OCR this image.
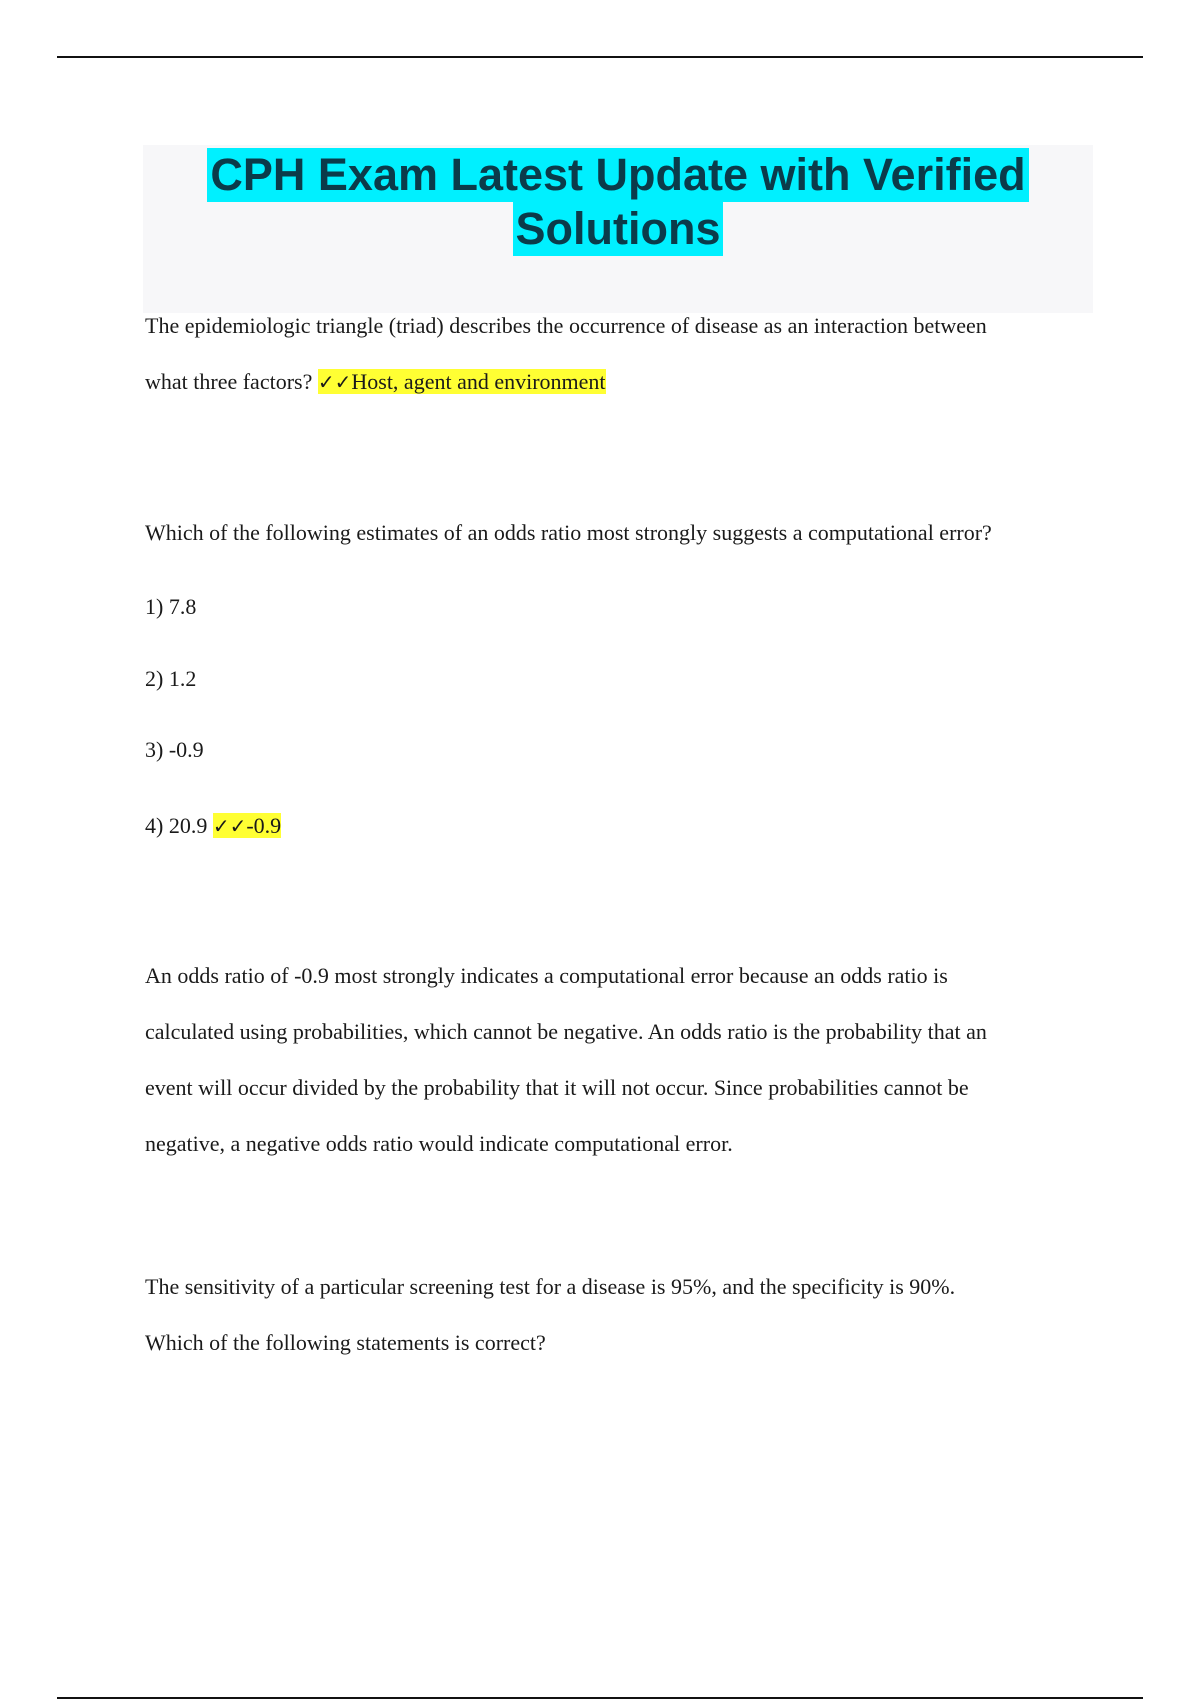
CPH Exam Latest Update with Verified
Solutions

The epidemiologic triangle (triad) describes the occurrence of disease as an interaction between
what three factors? ✓✓Host, agent and environment

Which of the following estimates of an odds ratio most strongly suggests a computational error?

1) 7.8

2) 1.2

3) -0.9

4) 20.9 ✓✓-0.9

An odds ratio of -0.9 most strongly indicates a computational error because an odds ratio is
calculated using probabilities, which cannot be negative. An odds ratio is the probability that an
event will occur divided by the probability that it will not occur. Since probabilities cannot be
negative, a negative odds ratio would indicate computational error.

The sensitivity of a particular screening test for a disease is 95%, and the specificity is 90%.
Which of the following statements is correct?
